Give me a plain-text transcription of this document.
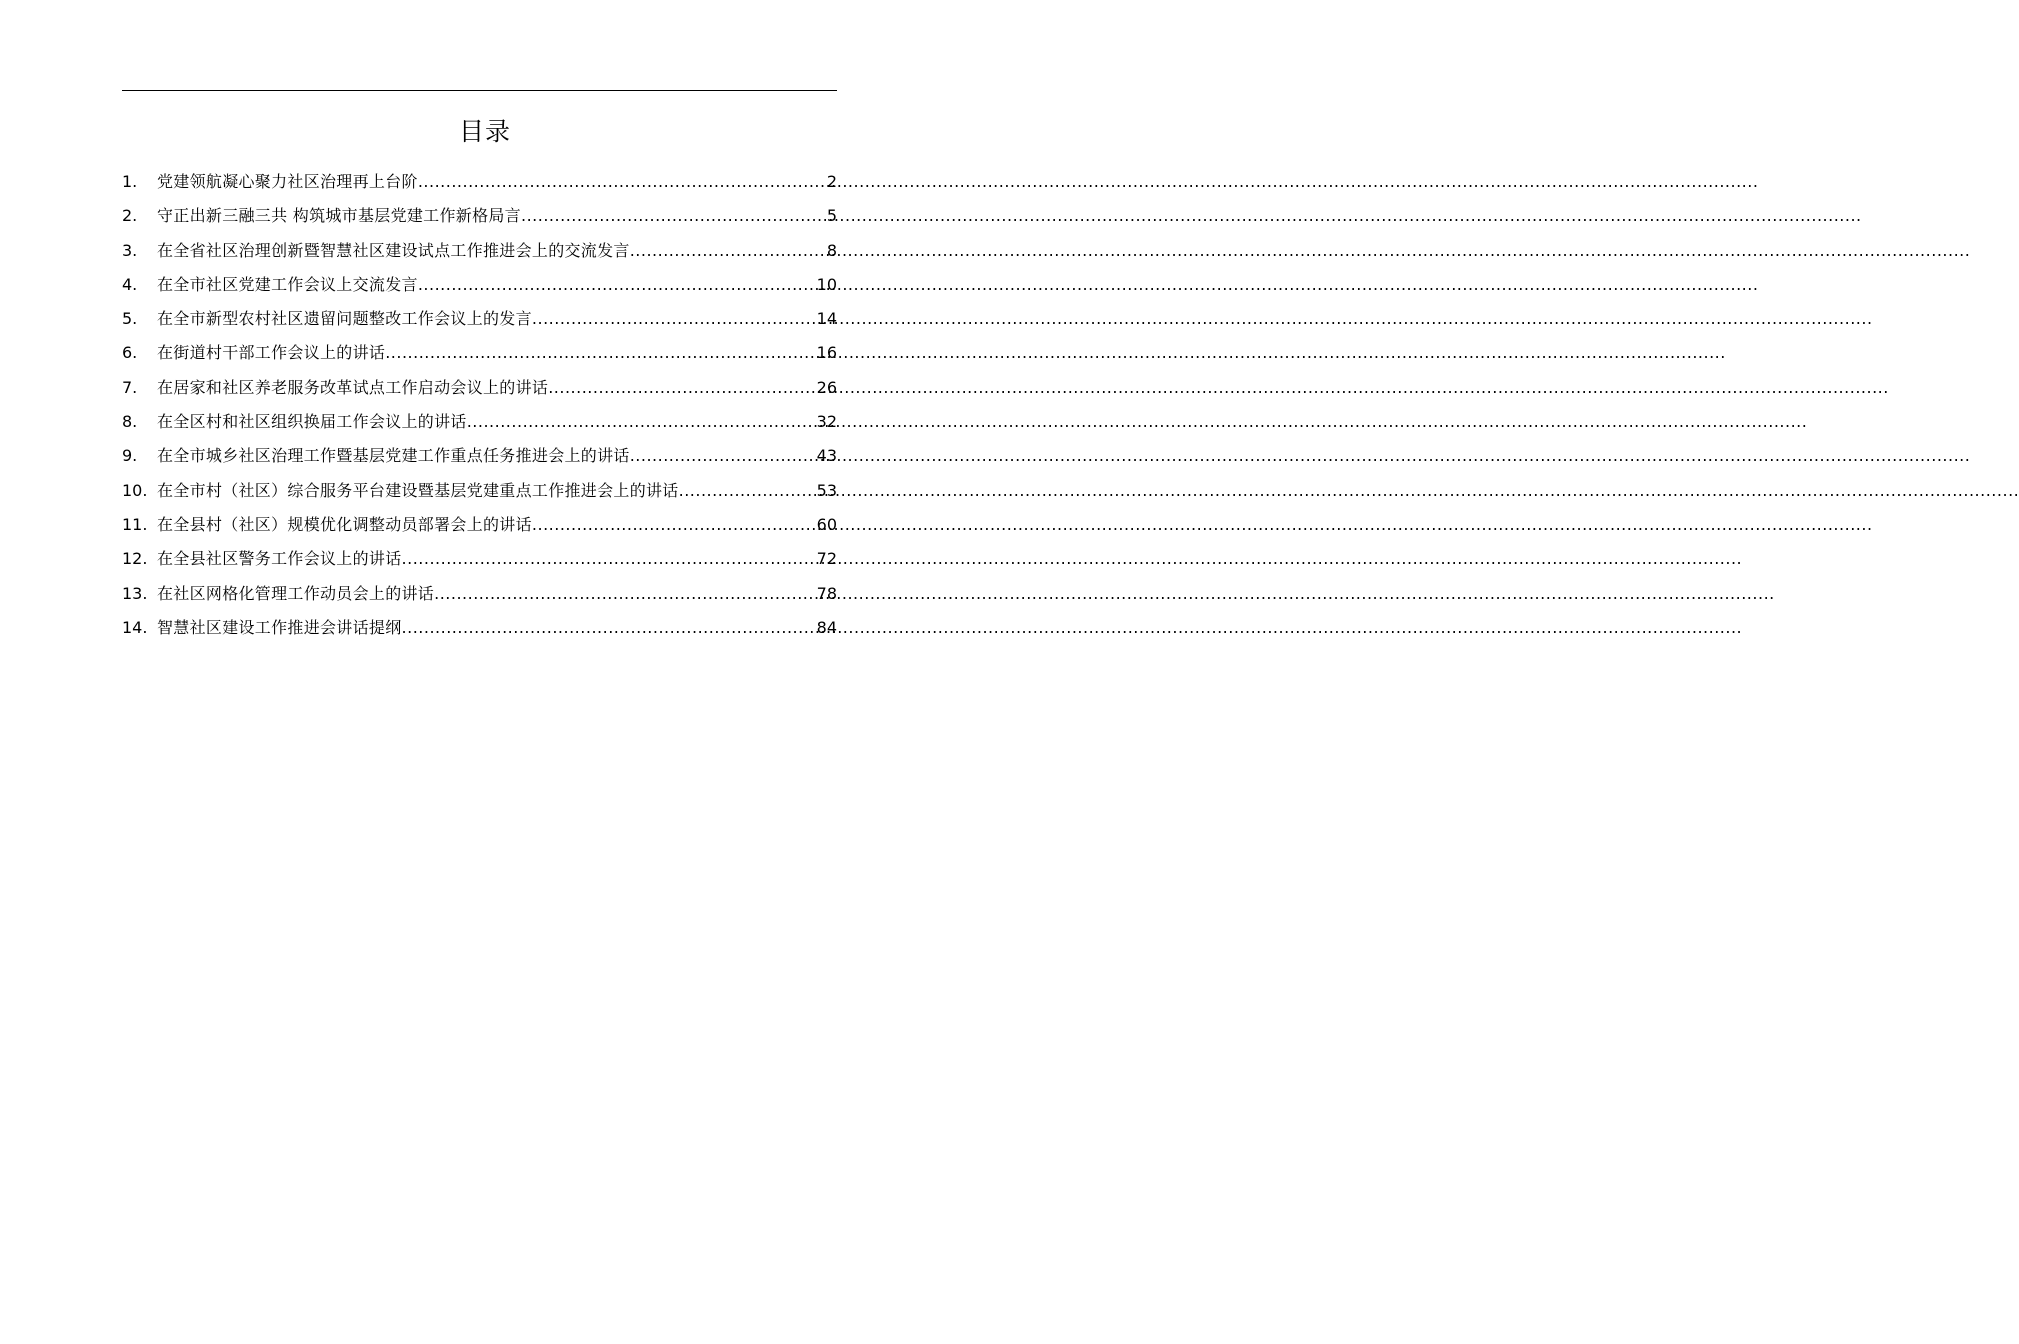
目录
1.	党建领航凝心聚力社区治理再上台阶 .....	2
2.	守正出新三融三共 构筑城市基层党建工作新格局言 .....	5
3.	在全省社区治理创新暨智慧社区建设试点工作推进会上的交流发言 .....	8
4.	在全市社区党建工作会议上交流发言 .....	10
5.	在全市新型农村社区遗留问题整改工作会议上的发言 .....	14
6.	在街道村干部工作会议上的讲话 .....	16
7.	在居家和社区养老服务改革试点工作启动会议上的讲话 .....	26
8.	在全区村和社区组织换届工作会议上的讲话 .....	32
9.	在全市城乡社区治理工作暨基层党建工作重点任务推进会上的讲话 .....	43
10. 在全市村（社区）综合服务平台建设暨基层党建重点工作推进会上的讲话 .....	53
11. 在全县村（社区）规模优化调整动员部署会上的讲话 .....	60
12. 在全县社区警务工作会议上的讲话 .....	72
13. 在社区网格化管理工作动员会上的讲话 .....	78
14. 智慧社区建设工作推进会讲话提纲 .....	84
